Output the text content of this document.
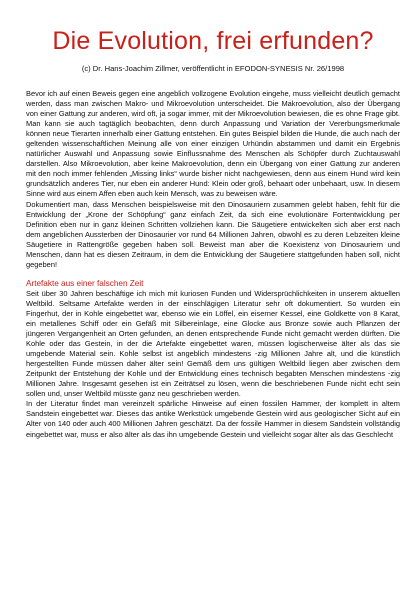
Die Evolution, frei erfunden?
(c) Dr. Hans-Joachim Zillmer, veröffentlicht in EFODON-SYNESIS Nr. 26/1998

Bevor ich auf einen Beweis gegen eine angeblich vollzogene Evolution eingehe, muss vielleicht deutlich gemacht werden, dass man zwischen Makro- und Mikroevolution unterscheidet. Die Makroevolution, also der Übergang von einer Gattung zur anderen, wird oft, ja sogar immer, mit der Mikroevolution bewiesen, die es ohne Frage gibt. Man kann sie auch tagtäglich beobachten, denn durch Anpassung und Variation der Vererbungsmerkmale können neue Tierarten innerhalb einer Gattung entstehen. Ein gutes Beispiel bilden die Hunde, die auch nach der geltenden wissenschaftlichen Meinung alle von einer einzigen Urhündin abstammen und damit ein Ergebnis natürlicher Auswahl und Anpassung sowie Einflussnahme des Menschen als Schöpfer durch Zuchtauswahl darstellen. Also Mikroevolution, aber keine Makroevolution, denn ein Übergang von einer Gattung zur anderen mit den noch immer fehlenden „Missing links“ wurde bisher nicht nachgewiesen, denn aus einem Hund wird kein grundsätzlich anderes Tier, nur eben ein anderer Hund: Klein oder groß, behaart oder unbehaart, usw. In diesem Sinne wird aus einem Affen eben auch kein Mensch, was zu beweisen wäre.

Dokumentiert man, dass Menschen beispielsweise mit den Dinosauriern zusammen gelebt haben, fehlt für die Entwicklung der „Krone der Schöpfung“ ganz einfach Zeit, da sich eine evolutionäre Fortentwicklung per Definition eben nur in ganz kleinen Schritten vollziehen kann. Die Säugetiere entwickelten sich aber erst nach dem angeblichen Aussterben der Dinosaurier vor rund 64 Millionen Jahren, obwohl es zu deren Lebzeiten kleine Säugetiere in Rattengröße gegeben haben soll. Beweist man aber die Koexistenz von Dinosauriern und Menschen, dann hat es diesen Zeitraum, in dem die Entwicklung der Säugetiere stattgefunden haben soll, nicht gegeben!

Artefakte aus einer falschen Zeit

Seit über 30 Jahren beschäftige ich mich mit kuriosen Funden und Widersprüchlichkeiten in unserem aktuellen Weltbild. Seltsame Artefakte werden in der einschlägigen Literatur sehr oft dokumentiert. So wurden ein Fingerhut, der in Kohle eingebettet war, ebenso wie ein Löffel, ein eiserner Kessel, eine Goldkette von 8 Karat, ein metallenes Schiff oder ein Gefäß mit Silbereinlage, eine Glocke aus Bronze sowie auch Pflanzen der jüngeren Vergangenheit an Orten gefunden, an denen entsprechende Funde nicht gemacht werden dürften. Die Kohle oder das Gestein, in der die Artefakte eingebettet waren, müssen logischerweise älter als das sie umgebende Material sein. Kohle selbst ist angeblich mindestens -zig Millionen Jahre alt, und die künstlich hergestellten Funde müssen daher älter sein! Gemäß dem uns gültigen Weltbild liegen aber zwischen dem Zeitpunkt der Entstehung der Kohle und der Entwicklung eines technisch begabten Menschen mindestens -zig Millionen Jahre. Insgesamt gesehen ist ein Zeiträtsel zu lösen, wenn die beschriebenen Funde nicht echt sein sollen und, unser Weltbild müsste ganz neu geschrieben werden.

In der Literatur findet man vereinzelt spärliche Hinweise auf einen fossilen Hammer, der komplett in altem Sandstein eingebettet war. Dieses das antike Werkstück umgebende Gestein wird aus geologischer Sicht auf ein Alter von 140 oder auch 400 Millionen Jahren geschätzt. Da der fossile Hammer in diesem Sandstein vollständig eingebettet war, muss er also älter als das ihn umgebende Gestein und vielleicht sogar älter als das Geschlecht
